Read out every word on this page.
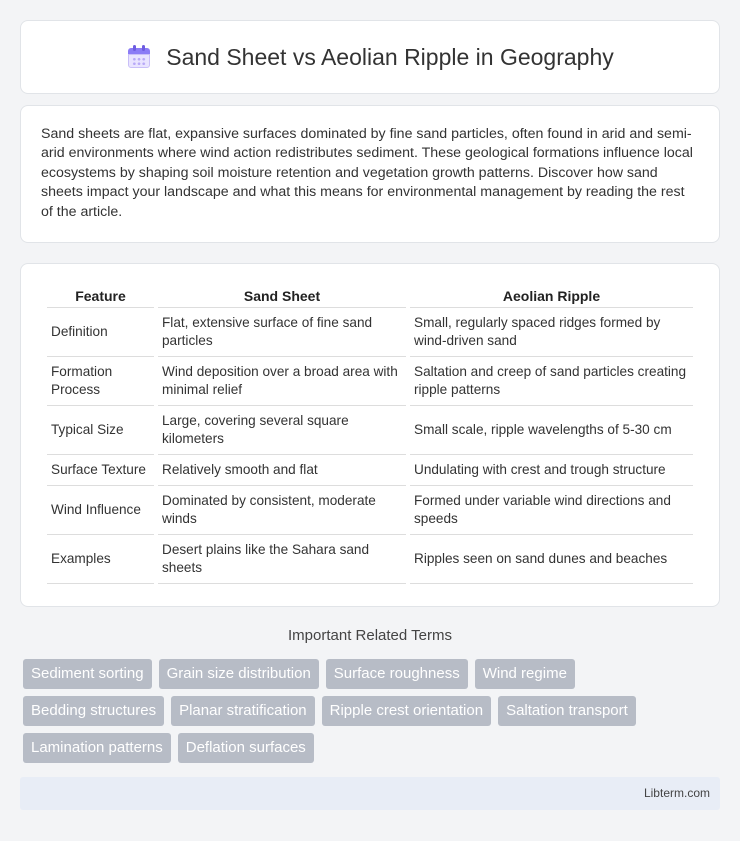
Sand Sheet vs Aeolian Ripple in Geography

Sand sheets are flat, expansive surfaces dominated by fine sand particles, often found in arid and semi-arid environments where wind action redistributes sediment. These geological formations influence local ecosystems by shaping soil moisture retention and vegetation growth patterns. Discover how sand sheets impact your landscape and what this means for environmental management by reading the rest of the article.

Feature	Sand Sheet	Aeolian Ripple
Definition	Flat, extensive surface of fine sand particles	Small, regularly spaced ridges formed by wind-driven sand
Formation Process	Wind deposition over a broad area with minimal relief	Saltation and creep of sand particles creating ripple patterns
Typical Size	Large, covering several square kilometers	Small scale, ripple wavelengths of 5-30 cm
Surface Texture	Relatively smooth and flat	Undulating with crest and trough structure
Wind Influence	Dominated by consistent, moderate winds	Formed under variable wind directions and speeds
Examples	Desert plains like the Sahara sand sheets	Ripples seen on sand dunes and beaches
Important Related Terms
Sediment sorting	Grain size distribution	Surface roughness	Wind regime
Bedding structures	Planar stratification	Ripple crest orientation	Saltation transport
Lamination patterns	Deflation surfaces
Libterm.com
